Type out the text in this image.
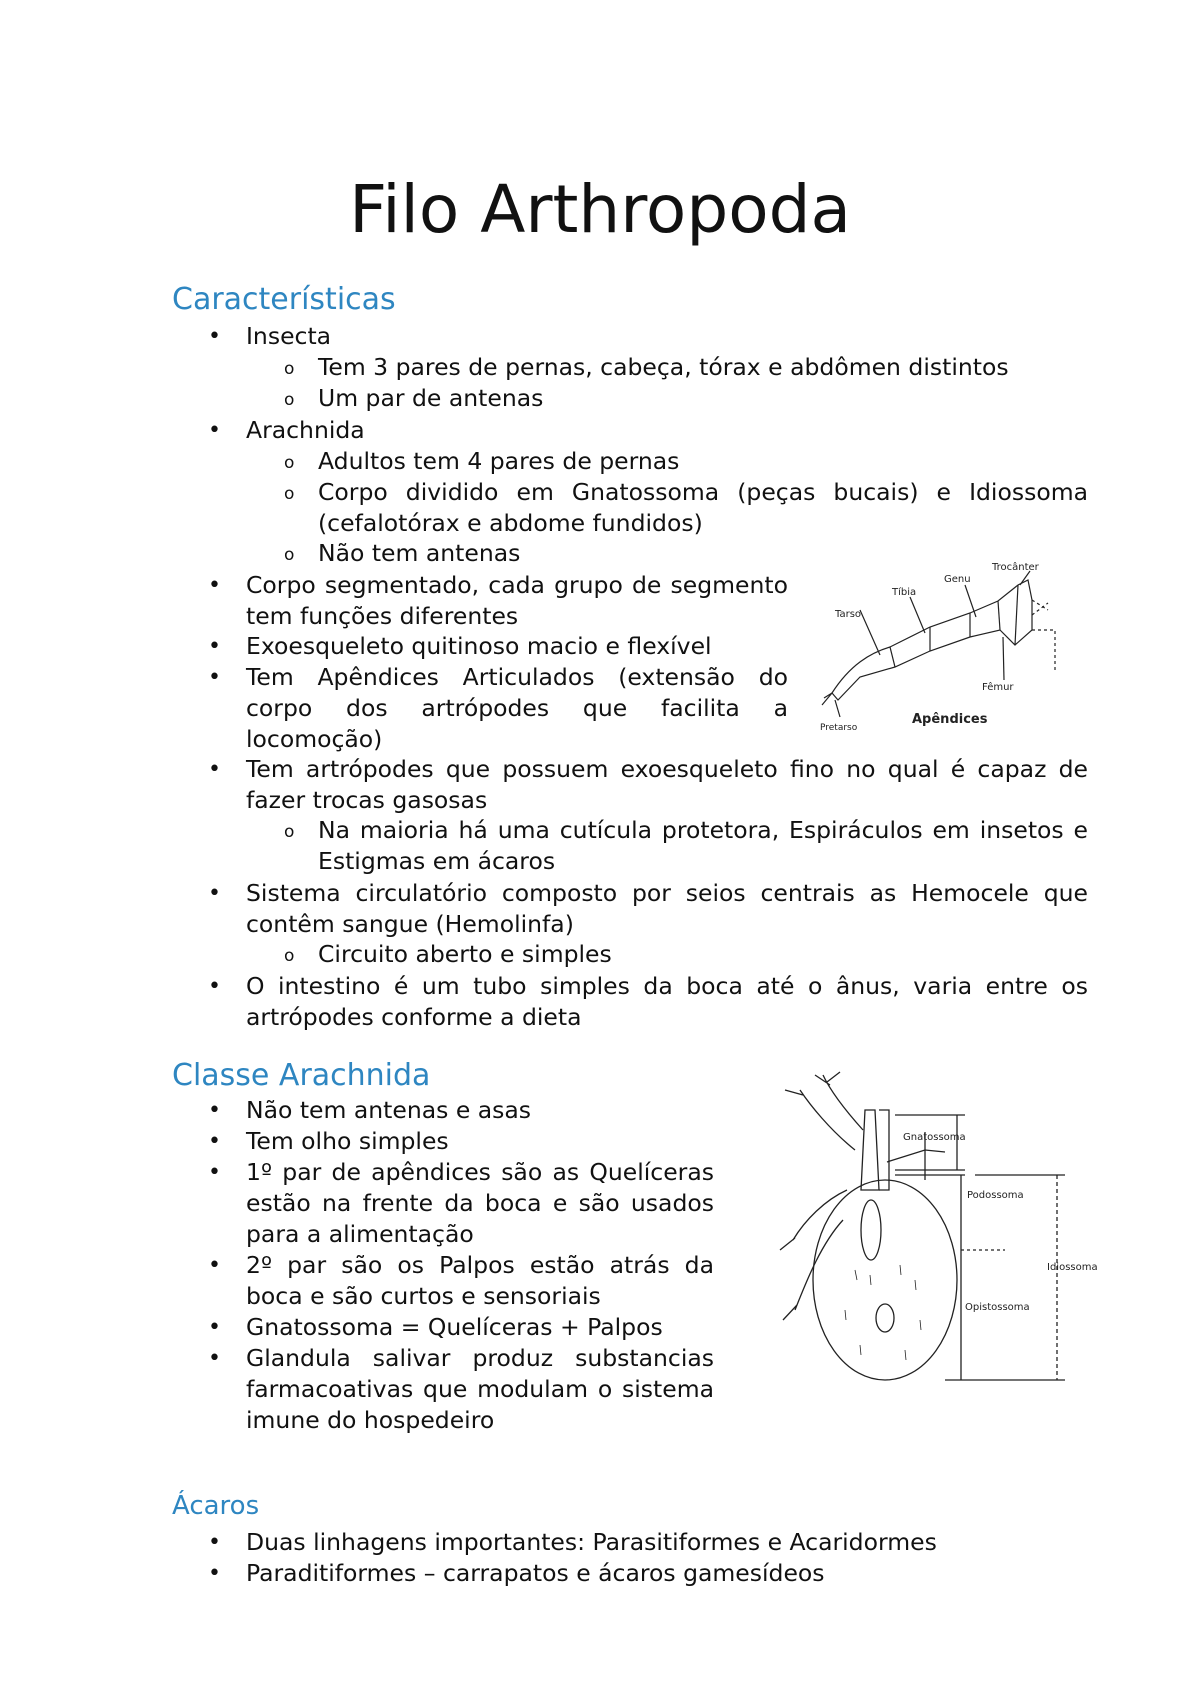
Filo Arthropoda
Características
• Insecta
o Tem 3 pares de pernas, cabeça, tórax e abdômen distintos
o Um par de antenas
• Arachnida
o Adultos tem 4 pares de pernas
o Corpo dividido em Gnatossoma (peças bucais) e Idiossoma (cefalotórax e abdome fundidos)
o Não tem antenas
• Corpo segmentado, cada grupo de segmento tem funções diferentes
• Exoesqueleto quitinoso macio e flexível
• Tem Apêndices Articulados (extensão do corpo dos artrópodes que facilita a locomoção)
• Tem artrópodes que possuem exoesqueleto fino no qual é capaz de fazer trocas gasosas
o Na maioria há uma cutícula protetora, Espiráculos em insetos e Estigmas em ácaros
• Sistema circulatório composto por seios centrais as Hemocele que contêm sangue (Hemolinfa)
o Circuito aberto e simples
• O intestino é um tubo simples da boca até o ânus, varia entre os artrópodes conforme a dieta
Trocânter
Genu
Tíbia
Tarso
Fêmur
Pretarso
Apêndices
Classe Arachnida
• Não tem antenas e asas
• Tem olho simples
• 1º par de apêndices são as Quelíceras estão na frente da boca e são usados para a alimentação
• 2º par são os Palpos estão atrás da boca e são curtos e sensoriais
• Gnatossoma = Quelíceras + Palpos
• Glandula salivar produz substancias farmacoativas que modulam o sistema imune do hospedeiro
Gnatossoma
Podossoma
Idiossoma
Opistossoma
Ácaros
• Duas linhagens importantes: Parasitiformes e Acaridormes
• Paraditiformes – carrapatos e ácaros gamesídeos
